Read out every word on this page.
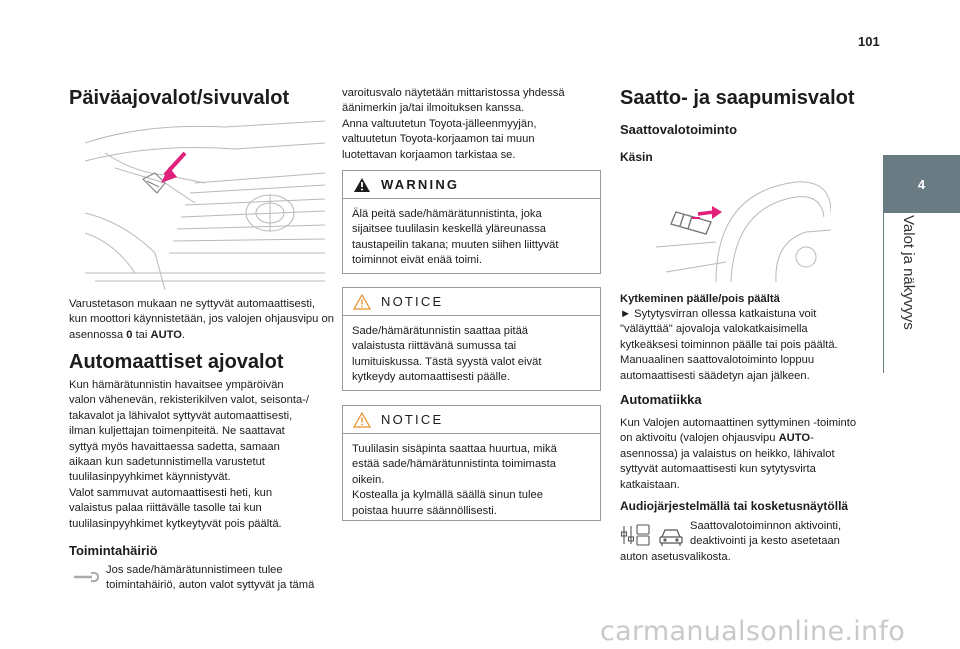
101
4
Valot ja näkyvyys
Päiväajovalot/sivuvalot
Varustetason mukaan ne syttyvät automaattisesti, kun moottori käynnistetään, jos valojen ohjausvipu on asennossa 0 tai AUTO.
Automaattiset ajovalot
Kun hämärätunnistin havaitsee ympäröivän
valon vähenevän, rekisterikilven valot, seisonta-/
takavalot ja lähivalot syttyvät automaattisesti,
ilman kuljettajan toimenpiteitä. Ne saattavat
syttyä myös havaittaessa sadetta, samaan
aikaan kun sadetunnistimella varustetut
tuulilasinpyyhkimet käynnistyvät.
Valot sammuvat automaattisesti heti, kun
valaistus palaa riittävälle tasolle tai kun
tuulilasinpyyhkimet kytkeytyvät pois päältä.
Toimintahäiriö
Jos sade/hämärätunnistimeen tulee
toimintahäiriö, auton valot syttyvät ja tämä
varoitusvalo näytetään mittaristossa yhdessä
äänimerkin ja/tai ilmoituksen kanssa.
Anna valtuutetun Toyota-jälleenmyyjän,
valtuutetun Toyota-korjaamon tai muun
luotettavan korjaamon tarkistaa se.
WARNING
Älä peitä sade/hämärätunnistinta, joka
sijaitsee tuulilasin keskellä yläreunassa
taustapeilin takana; muuten siihen liittyvät
toiminnot eivät enää toimi.
NOTICE
Sade/hämärätunnistin saattaa pitää
valaistusta riittävänä sumussa tai
lumituiskussa. Tästä syystä valot eivät
kytkeydy automaattisesti päälle.
NOTICE
Tuulilasin sisäpinta saattaa huurtua, mikä
estää sade/hämärätunnistinta toimimasta
oikein.
Kostealla ja kylmällä säällä sinun tulee
poistaa huurre säännöllisesti.
Saatto- ja saapumisvalot
Saattovalotoiminto
Käsin
Kytkeminen päälle/pois päältä
► Sytytysvirran ollessa katkaistuna voit
"väläyttää" ajovaloja valokatkaisimella
kytkeäksesi toiminnon päälle tai pois päältä.
Manuaalinen saattovalotoiminto loppuu
automaattisesti säädetyn ajan jälkeen.
Automatiikka
Kun Valojen automaattinen syttyminen -toiminto
on aktivoitu (valojen ohjausvipu AUTO-
asennossa) ja valaistus on heikko, lähivalot
syttyvät automaattisesti kun sytytysvirta
katkaistaan.
Audiojärjestelmällä tai kosketusnäytöllä
Saattovalotoiminnon aktivointi,
deaktivointi ja kesto asetetaan
auton asetusvalikosta.
carmanualsonline.info
